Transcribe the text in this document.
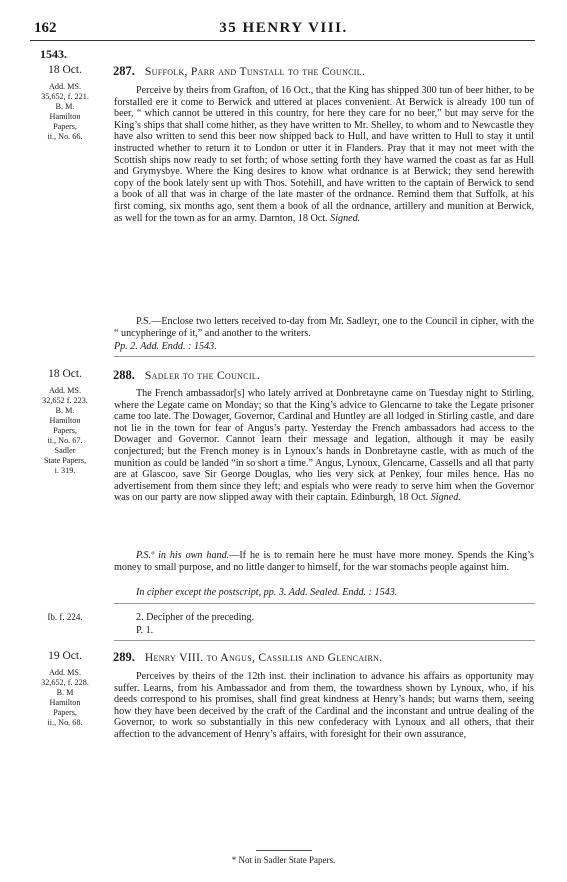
162	35 HENRY VIII.
1543.
18 Oct.
Add. MS.
35,652, f. 221.
B. M.
Hamilton
Papers,
ii., No. 66.
287. Suffolk, Parr and Tunstall to the Council.

Perceive by theirs from Grafton, of 16 Oct., that the King has shipped 300 tun of beer hither, to be forstalled ere it come to Berwick and uttered at places convenient. At Berwick is already 100 tun of beer, “ which cannot be uttered in this country, for here they care for no beer,” but may serve for the King’s ships that shall come hither, as they have written to Mr. Shelley, to whom and to Newcastle they have also written to send this beer now shipped back to Hull, and have written to Hull to stay it until instructed whether to return it to London or utter it in Flanders. Pray that it may not meet with the Scottish ships now ready to set forth; of whose setting forth they have warned the coast as far as Hull and Grymysbye. Where the King desires to know what ordnance is at Berwick; they send herewith copy of the book lately sent up with Thos. Sotehill, and have written to the captain of Berwick to send a book of all that was in charge of the late master of the ordnance. Remind them that Suffolk, at his first coming, six months ago, sent them a book of all the ordnance, artillery and munition at Berwick, as well for the town as for an army. Darnton, 18 Oct. Signed.

P.S.—Enclose two letters received to-day from Mr. Sadleyr, one to the Council in cipher, with the “ uncypheringe of it,” and another to the writers.

Pp. 2. Add. Endd. : 1543.

18 Oct.
Add. MS.
32,652 f. 223.
B. M.
Hamilton
Papers,
ii., No. 67.
Sadler
State Papers,
i. 319.
288. Sadler to the Council.

The French ambassador[s] who lately arrived at Donbretayne came on Tuesday night to Stirling, where the Legate came on Monday; so that the King’s advice to Glencarne to take the Legate prisoner came too late. The Dowager, Governor, Cardinal and Huntley are all lodged in Stirling castle, and dare not lie in the town for fear of Angus’s party. Yesterday the French ambassadors had access to the Dowager and Governor. Cannot learn their message and legation, although it may be easily conjectured; but the French money is in Lynoux’s hands in Donbretayne castle, with as much of the munition as could be landed “in so short a time.” Angus, Lynoux, Glencarne, Cassells and all that party are at Glascoo, save Sir George Douglas, who lies very sick at Penkey, four miles hence. Has no advertisement from them since they left; and espials who were ready to serve him when the Governor was on our party are now slipped away with their captain. Edinburgh, 18 Oct. Signed.

P.S.º in his own hand.—If he is to remain here he must have more money. Spends the King’s money to small purpose, and no little danger to himself, for the war stomachs people against him.

In cipher except the postscript, pp. 3. Add. Sealed. Endd. : 1543.

Ib. f. 224.	2. Decipher of the preceding.

P. 1.

19 Oct.
Add. MS.
32,652, f. 228.
B. M
Hamilton
Papers,
ii., No. 68.
289. Henry VIII. to Angus, Cassillis and Glencairn.

Perceives by theirs of the 12th inst. their inclination to advance his affairs as opportunity may suffer. Learns, from his Ambassador and from them, the towardness shown by Lynoux, who, if his deeds correspond to his promises, shall find great kindness at Henry’s hands; but warns them, seeing how they have been deceived by the craft of the Cardinal and the inconstant and untrue dealing of the Governor, to work so substantially in this new confederacy with Lynoux and all others, that their affection to the advancement of Henry’s affairs, with foresight for their own assurance,

* Not in Sadler State Papers.
